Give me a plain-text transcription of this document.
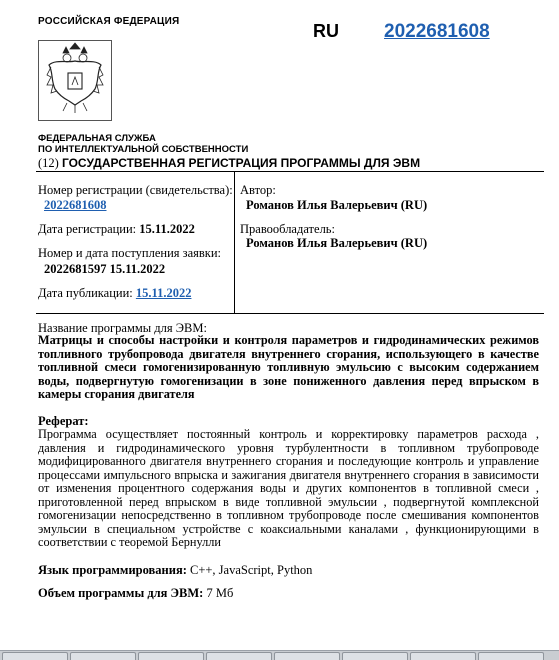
РОССИЙСКАЯ ФЕДЕРАЦИЯ	RU 2022681608
ФЕДЕРАЛЬНАЯ СЛУЖБА
ПО ИНТЕЛЛЕКТУАЛЬНОЙ СОБСТВЕННОСТИ
(12) ГОСУДАРСТВЕННАЯ РЕГИСТРАЦИЯ ПРОГРАММЫ ДЛЯ ЭВМ
Номер регистрации (свидетельства):
2022681608
Дата регистрации: 15.11.2022
Номер и дата поступления заявки:
2022681597 15.11.2022
Дата публикации: 15.11.2022
Автор:
Романов Илья Валерьевич (RU)
Правообладатель:
Романов Илья Валерьевич (RU)
Название программы для ЭВМ:
Матрицы и способы настройки и контроля параметров и гидродинамических режимов топливного трубопровода двигателя внутреннего сгорания, использующего в качестве топливной смеси гомогенизированную топливную эмульсию с высоким содержанием воды, подвергнутую гомогенизации в зоне пониженного давления перед впрыском в камеры сгорания двигателя
Реферат:
Программа осуществляет постоянный контроль и корректировку параметров расхода , давления и гидродинамического уровня турбулентности в топливном трубопроводе модифицированного двигателя внутреннего сгорания и последующие контроль и управление процессами импульсного впрыска и зажигания двигателя внутреннего сгорания в зависимости от изменения процентного содержания воды и других компонентов в топливной смеси , приготовленной перед впрыском в виде топливной эмульсии , подвергнутой комплексной гомогенизации непосредственно в топливном трубопроводе после смешивания компонентов эмульсии в специальном устройстве с коаксиальными каналами , функционирующими в соответствии с теоремой Бернулли
Язык программирования: C++, JavaScript, Python
Объем программы для ЭВМ: 7 Мб
